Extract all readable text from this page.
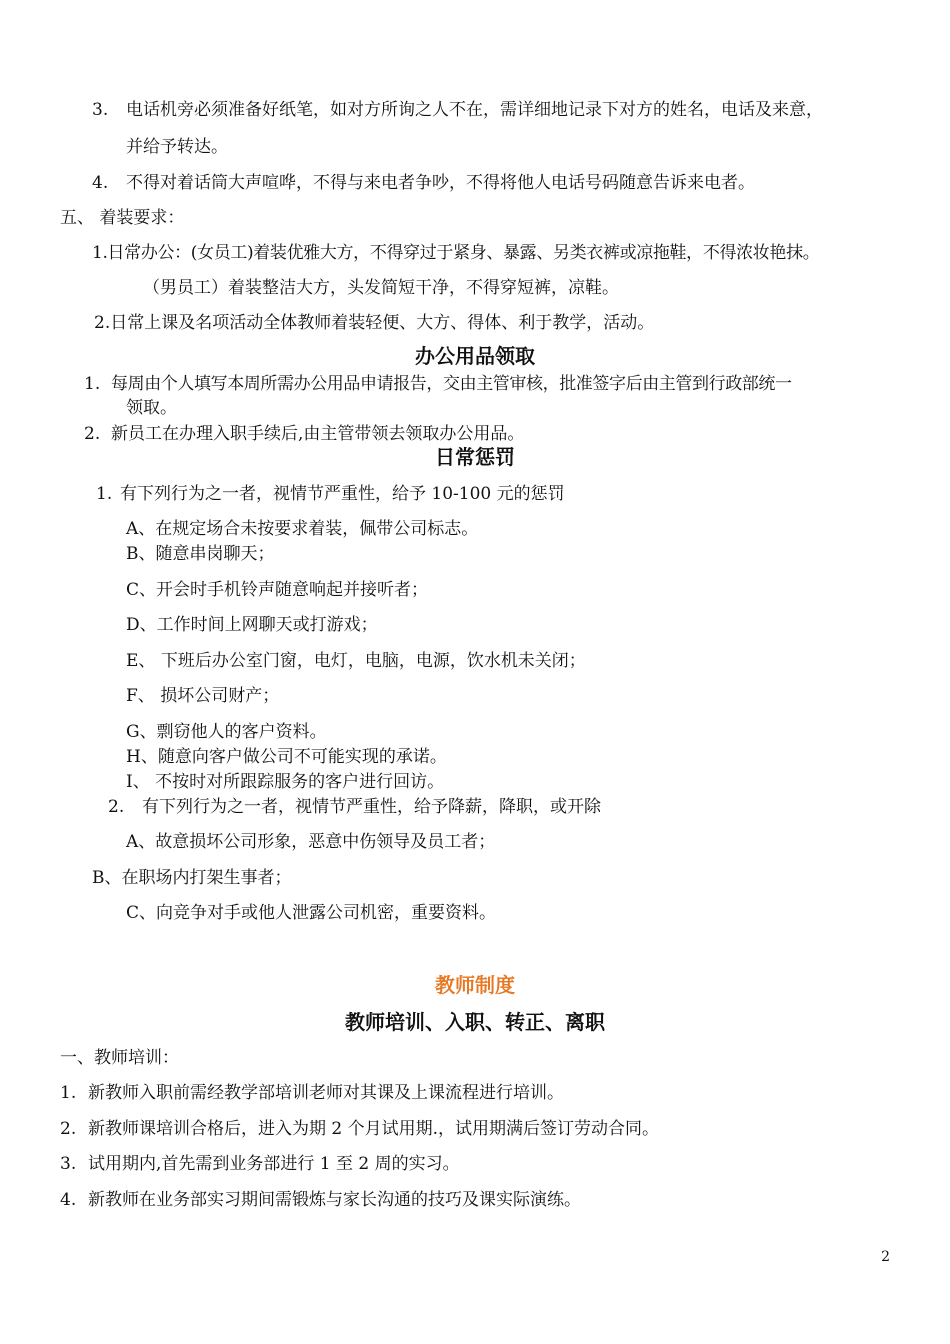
3. 电话机旁必须准备好纸笔，如对方所询之人不在，需详细地记录下对方的姓名，电话及来意，
并给予转达。
4. 不得对着话筒大声喧哗，不得与来电者争吵，不得将他人电话号码随意告诉来电者。
五、 着装要求：
1.日常办公：(女员工)着装优雅大方，不得穿过于紧身、暴露、另类衣裤或凉拖鞋，不得浓妆艳抹。
（男员工）着装整洁大方，头发简短干净，不得穿短裤，凉鞋。
2.日常上课及名项活动全体教师着装轻便、大方、得体、利于教学，活动。
办公用品领取
1. 每周由个人填写本周所需办公用品申请报告，交由主管审核，批准签字后由主管到行政部统一
领取。
2. 新员工在办理入职手续后,由主管带领去领取办公用品。
日常惩罚
1. 有下列行为之一者，视情节严重性，给予 10-100 元的惩罚
A、在规定场合未按要求着装，佩带公司标志。
B、随意串岗聊天；
C、开会时手机铃声随意响起并接听者；
D、工作时间上网聊天或打游戏；
E、 下班后办公室门窗，电灯，电脑，电源，饮水机未关闭；
F、 损坏公司财产；
G、剽窃他人的客户资料。
H、随意向客户做公司不可能实现的承诺。
I、 不按时对所跟踪服务的客户进行回访。
2. 有下列行为之一者，视情节严重性，给予降薪，降职，或开除
A、故意损坏公司形象，恶意中伤领导及员工者；
B、在职场内打架生事者；
C、向竞争对手或他人泄露公司机密，重要资料。
教师制度
教师培训、入职、转正、离职
一、教师培训：
1. 新教师入职前需经教学部培训老师对其课及上课流程进行培训。
2. 新教师课培训合格后，进入为期 2 个月试用期.，试用期满后签订劳动合同。
3. 试用期内,首先需到业务部进行 1 至 2 周的实习。
4. 新教师在业务部实习期间需锻炼与家长沟通的技巧及课实际演练。
2
